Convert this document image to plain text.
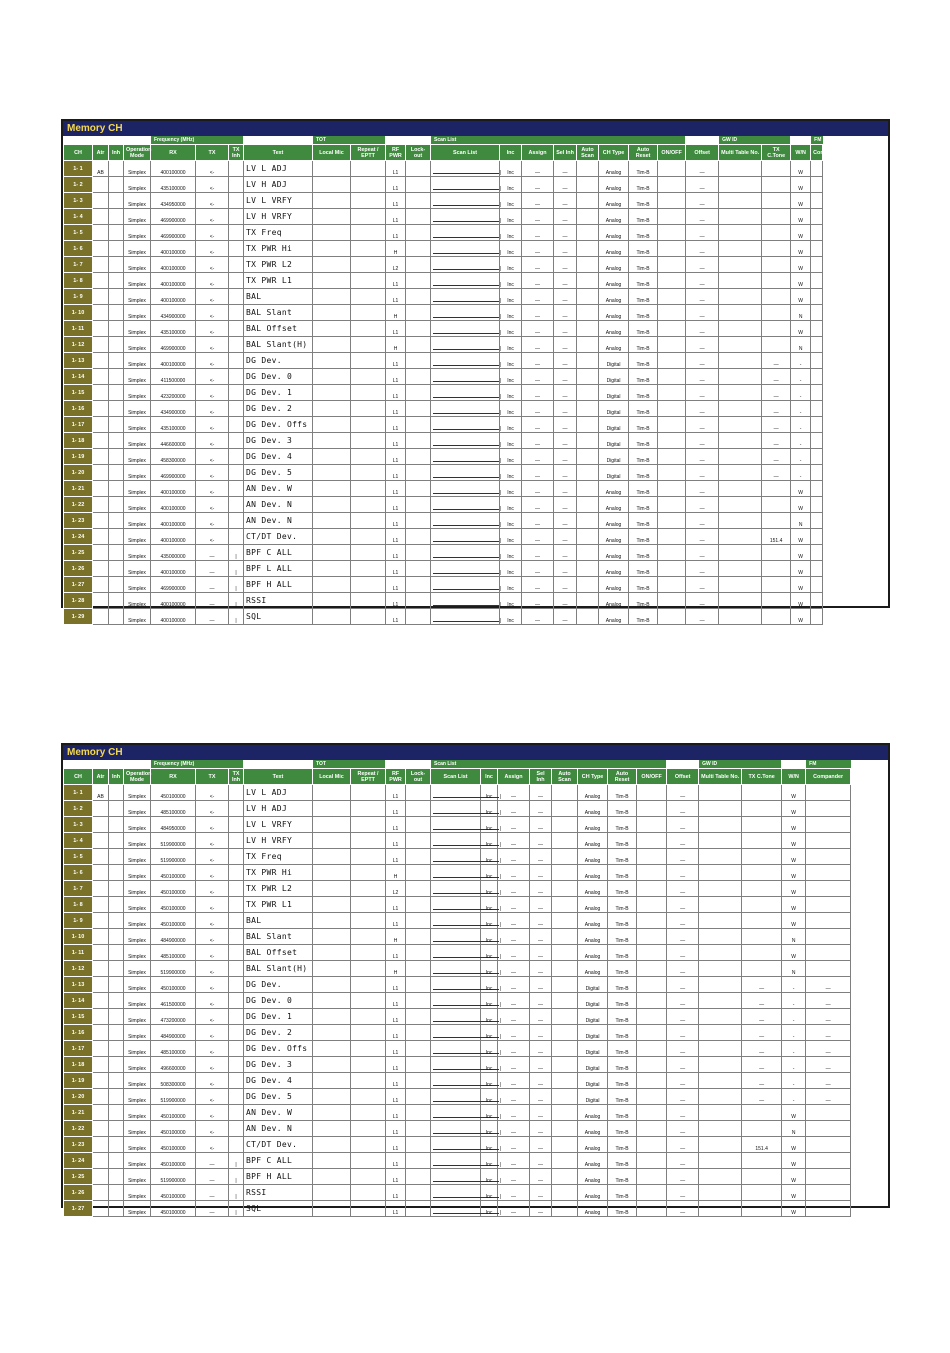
Memory CH
				Frequency (MHz)				TOT				Scan List									GW ID			FM
CH	Atr	Inh	Operation Mode	RX	TX	TX Inh	Text	Local Mic	Repeat / EPTT	RF PWR	Lock-out	Scan List	Inc	Assign	Sel Inh	Auto Scan	CH Type	Auto Reset	ON/OFF	Offset	Multi Table No.	TX C.Tone	W/N	Com
1- 1	AB		Simplex	400100000	<-		LV L ADJ			L1		|	Inc	—	—		Analog	Tim-B		—			W	
1- 2			Simplex	435100000	<-		LV H ADJ			L1		|	Inc	—	—		Analog	Tim-B		—			W	
1- 3			Simplex	434950000	<-		LV L VRFY			L1		|	Inc	—	—		Analog	Tim-B		—			W	
1- 4			Simplex	469900000	<-		LV H VRFY			L1		|	Inc	—	—		Analog	Tim-B		—			W	
1- 5			Simplex	469900000	<-		TX Freq			L1		|	Inc	—	—		Analog	Tim-B		—			W	
1- 6			Simplex	400100000	<-		TX PWR Hi			H		|	Inc	—	—		Analog	Tim-B		—			W	
1- 7			Simplex	400100000	<-		TX PWR L2			L2		|	Inc	—	—		Analog	Tim-B		—			W	
1- 8			Simplex	400100000	<-		TX PWR L1			L1		|	Inc	—	—		Analog	Tim-B		—			W	
1- 9			Simplex	400100000	<-		BAL			L1		|	Inc	—	—		Analog	Tim-B		—			W	
1- 10			Simplex	434900000	<-		BAL Slant			H		|	Inc	—	—		Analog	Tim-B		—			N	
1- 11			Simplex	435100000	<-		BAL Offset			L1		|	Inc	—	—		Analog	Tim-B		—			W	
1- 12			Simplex	469900000	<-		BAL Slant(H)			H		|	Inc	—	—		Analog	Tim-B		—			N	
1- 13			Simplex	400100000	<-		DG Dev.			L1		|	Inc	—	—		Digital	Tim-B		—		—	-	
1- 14			Simplex	411500000	<-		DG Dev. 0			L1		|	Inc	—	—		Digital	Tim-B		—		—	-	
1- 15			Simplex	423200000	<-		DG Dev. 1			L1		|	Inc	—	—		Digital	Tim-B		—		—	-	
1- 16			Simplex	434900000	<-		DG Dev. 2			L1		|	Inc	—	—		Digital	Tim-B		—		—	-	
1- 17			Simplex	435100000	<-		DG Dev. Offs			L1		|	Inc	—	—		Digital	Tim-B		—		—	-	
1- 18			Simplex	446600000	<-		DG Dev. 3			L1		|	Inc	—	—		Digital	Tim-B		—		—	-	
1- 19			Simplex	458300000	<-		DG Dev. 4			L1		|	Inc	—	—		Digital	Tim-B		—		—	-	
1- 20			Simplex	469900000	<-		DG Dev. 5			L1		|	Inc	—	—		Digital	Tim-B		—		—	-	
1- 21			Simplex	400100000	<-		AN Dev. W			L1		|	Inc	—	—		Analog	Tim-B		—			W	
1- 22			Simplex	400100000	<-		AN Dev. N			L1		|	Inc	—	—		Analog	Tim-B		—			W	
1- 23			Simplex	400100000	<-		AN Dev. N			L1		|	Inc	—	—		Analog	Tim-B		—			N	
1- 24			Simplex	400100000	<-		CT/DT Dev.			L1		|	Inc	—	—		Analog	Tim-B		—		151.4	W	
1- 25			Simplex	435000000	—	|	BPF C ALL			L1		|	Inc	—	—		Analog	Tim-B		—			W	
1- 26			Simplex	400100000	—	|	BPF L ALL			L1		|	Inc	—	—		Analog	Tim-B		—			W	
1- 27			Simplex	469900000	—	|	BPF H ALL			L1		|	Inc	—	—		Analog	Tim-B		—			W	
1- 28			Simplex	400100000	—	|	RSSI			L1		|	Inc	—	—		Analog	Tim-B		—			W	
1- 29			Simplex	400100000	—	|	SQL			L1		|	Inc	—	—		Analog	Tim-B		—			W	
Memory CH
				Frequency (MHz)				TOT				Scan List									GW ID			FM
CH	Atr	Inh	Operation Mode	RX	TX	TX Inh	Text	Local Mic	Repeat / EPTT	RF PWR	Lock-out	Scan List	Inc	Assign	Sel Inh	Auto Scan	CH Type	Auto Reset	ON/OFF	Offset	Multi Table No.	TX C.Tone	W/N	Compander
1- 1	AB		Simplex	450100000	<-		LV L ADJ			L1		|	Inc	—	—		Analog	Tim-B		—			W	
1- 2			Simplex	485100000	<-		LV H ADJ			L1		|	Inc	—	—		Analog	Tim-B		—			W	
1- 3			Simplex	484950000	<-		LV L VRFY			L1		|	Inc	—	—		Analog	Tim-B		—			W	
1- 4			Simplex	519900000	<-		LV H VRFY			L1		|	Inc	—	—		Analog	Tim-B		—			W	
1- 5			Simplex	519900000	<-		TX Freq			L1		|	Inc	—	—		Analog	Tim-B		—			W	
1- 6			Simplex	450100000	<-		TX PWR Hi			H		|	Inc	—	—		Analog	Tim-B		—			W	
1- 7			Simplex	450100000	<-		TX PWR L2			L2		|	Inc	—	—		Analog	Tim-B		—			W	
1- 8			Simplex	450100000	<-		TX PWR L1			L1		|	Inc	—	—		Analog	Tim-B		—			W	
1- 9			Simplex	450100000	<-		BAL			L1		|	Inc	—	—		Analog	Tim-B		—			W	
1- 10			Simplex	484900000	<-		BAL Slant			H		|	Inc	—	—		Analog	Tim-B		—			N	
1- 11			Simplex	485100000	<-		BAL Offset			L1		|	Inc	—	—		Analog	Tim-B		—			W	
1- 12			Simplex	519900000	<-		BAL Slant(H)			H		|	Inc	—	—		Analog	Tim-B		—			N	
1- 13			Simplex	450100000	<-		DG Dev.			L1		|	Inc	—	—		Digital	Tim-B		—		—	-	—
1- 14			Simplex	461500000	<-		DG Dev. 0			L1		|	Inc	—	—		Digital	Tim-B		—		—	-	—
1- 15			Simplex	473200000	<-		DG Dev. 1			L1		|	Inc	—	—		Digital	Tim-B		—		—	-	—
1- 16			Simplex	484900000	<-		DG Dev. 2			L1		|	Inc	—	—		Digital	Tim-B		—		—	-	—
1- 17			Simplex	485100000	<-		DG Dev. Offs			L1		|	Inc	—	—		Digital	Tim-B		—		—	-	—
1- 18			Simplex	496600000	<-		DG Dev. 3			L1		|	Inc	—	—		Digital	Tim-B		—		—	-	—
1- 19			Simplex	508300000	<-		DG Dev. 4			L1		|	Inc	—	—		Digital	Tim-B		—		—	-	—
1- 20			Simplex	519900000	<-		DG Dev. 5			L1		|	Inc	—	—		Digital	Tim-B		—		—	-	—
1- 21			Simplex	450100000	<-		AN Dev. W			L1		|	Inc	—	—		Analog	Tim-B		—			W	
1- 22			Simplex	450100000	<-		AN Dev. N			L1		|	Inc	—	—		Analog	Tim-B		—			N	
1- 23			Simplex	450100000	<-		CT/DT Dev.			L1		|	Inc	—	—		Analog	Tim-B		—		151.4	W	
1- 24			Simplex	450100000	—	|	BPF C ALL			L1		|	Inc	—	—		Analog	Tim-B		—			W	
1- 25			Simplex	519900000	—	|	BPF H ALL			L1		|	Inc	—	—		Analog	Tim-B		—			W	
1- 26			Simplex	450100000	—	|	RSSI			L1		|	Inc	—	—		Analog	Tim-B		—			W	
1- 27			Simplex	450100000	—	|	SQL			L1		|	Inc	—	—		Analog	Tim-B		—			W	
